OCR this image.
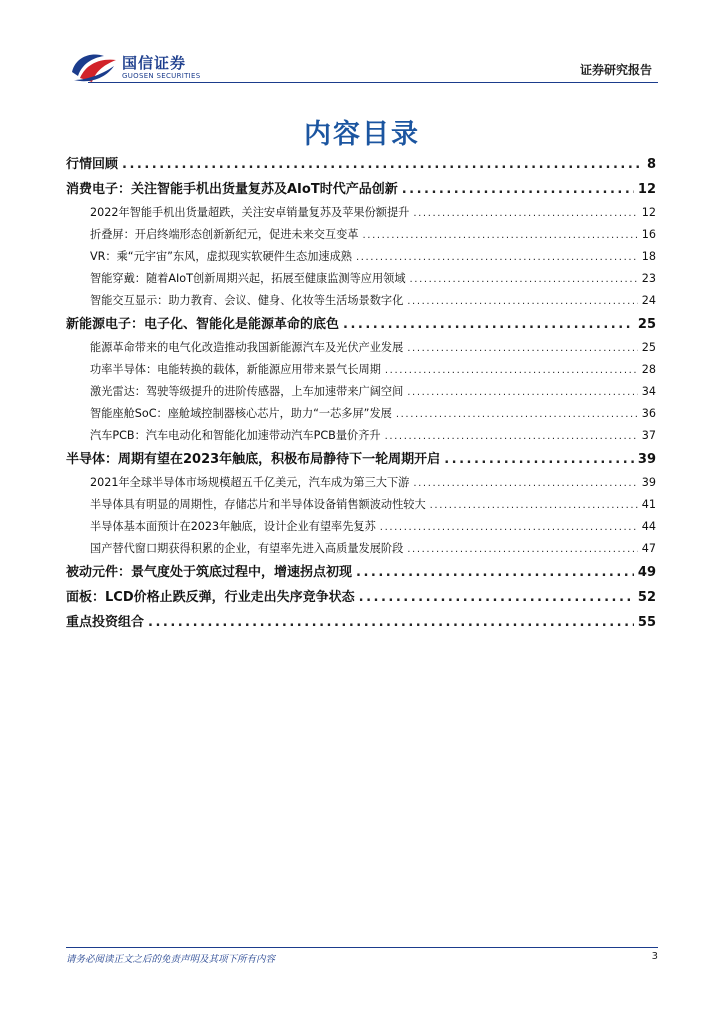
国信证券
GUOSEN SECURITIES	证券研究报告
内容目录
行情回顾 .....	8
消费电子：关注智能手机出货量复苏及AIoT时代产品创新 .....	12
2022年智能手机出货量超跌，关注安卓销量复苏及苹果份额提升 .....	12
折叠屏：开启终端形态创新新纪元，促进未来交互变革 .....	16
VR：乘“元宇宙”东风，虚拟现实软硬件生态加速成熟 .....	18
智能穿戴：随着AIoT创新周期兴起，拓展至健康监测等应用领域 .....	23
智能交互显示：助力教育、会议、健身、化妆等生活场景数字化 .....	24
新能源电子：电子化、智能化是能源革命的底色 .....	25
能源革命带来的电气化改造推动我国新能源汽车及光伏产业发展 .....	25
功率半导体：电能转换的载体，新能源应用带来景气长周期 .....	28
激光雷达：驾驶等级提升的进阶传感器，上车加速带来广阔空间 .....	34
智能座舱SoC：座舱域控制器核心芯片，助力“一芯多屏”发展 .....	36
汽车PCB：汽车电动化和智能化加速带动汽车PCB量价齐升 .....	37
半导体：周期有望在2023年触底，积极布局静待下一轮周期开启 .....	39
2021年全球半导体市场规模超五千亿美元，汽车成为第三大下游 .....	39
半导体具有明显的周期性，存储芯片和半导体设备销售额波动性较大 .....	41
半导体基本面预计在2023年触底，设计企业有望率先复苏 .....	44
国产替代窗口期获得积累的企业，有望率先进入高质量发展阶段 .....	47
被动元件：景气度处于筑底过程中，增速拐点初现 .....	49
面板：LCD价格止跌反弹，行业走出失序竞争状态 .....	52
重点投资组合 .....	55
请务必阅读正文之后的免责声明及其项下所有内容	3
